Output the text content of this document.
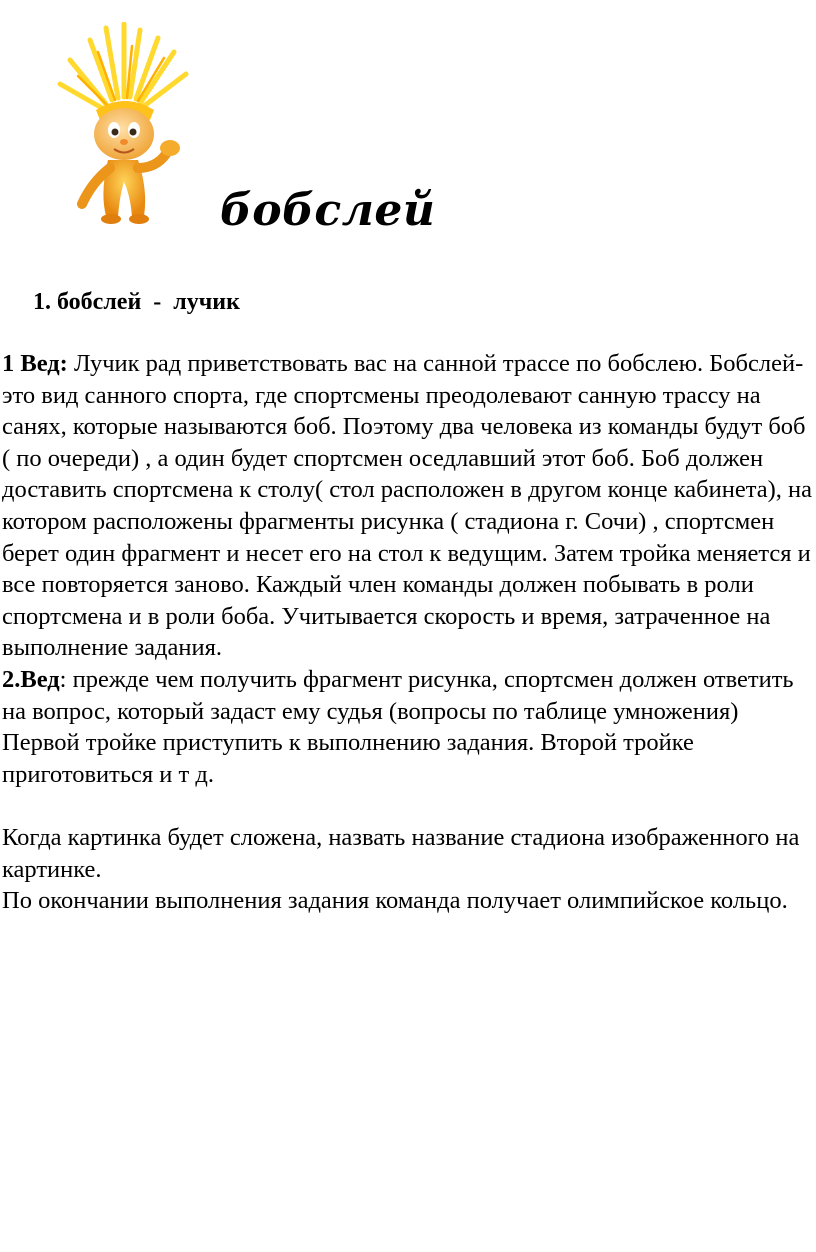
бобслей
1. бобслей  -  лучик

1 Вед: Лучик рад приветствовать вас на санной трассе по бобслею. Бобслей- это вид санного спорта, где спортсмены преодолевают санную трассу на санях, которые называются боб. Поэтому два человека из команды будут боб ( по очереди) , а один будет спортсмен оседлавший этот боб. Боб должен доставить спортсмена к столу( стол расположен в другом конце кабинета), на котором расположены фрагменты рисунка ( стадиона г. Сочи) , спортсмен берет один фрагмент и несет его на стол к ведущим. Затем тройка меняется и все повторяется заново. Каждый член команды должен побывать в роли спортсмена и в роли боба. Учитывается скорость и время, затраченное на выполнение задания.

2.Вед: прежде чем получить фрагмент рисунка, спортсмен должен ответить на вопрос, который задаст ему судья (вопросы по таблице умножения) Первой тройке приступить к выполнению задания. Второй тройке приготовиться и т д.

Когда картинка будет сложена, назвать название стадиона изображенного на картинке.

По окончании выполнения задания команда получает олимпийское кольцо.
